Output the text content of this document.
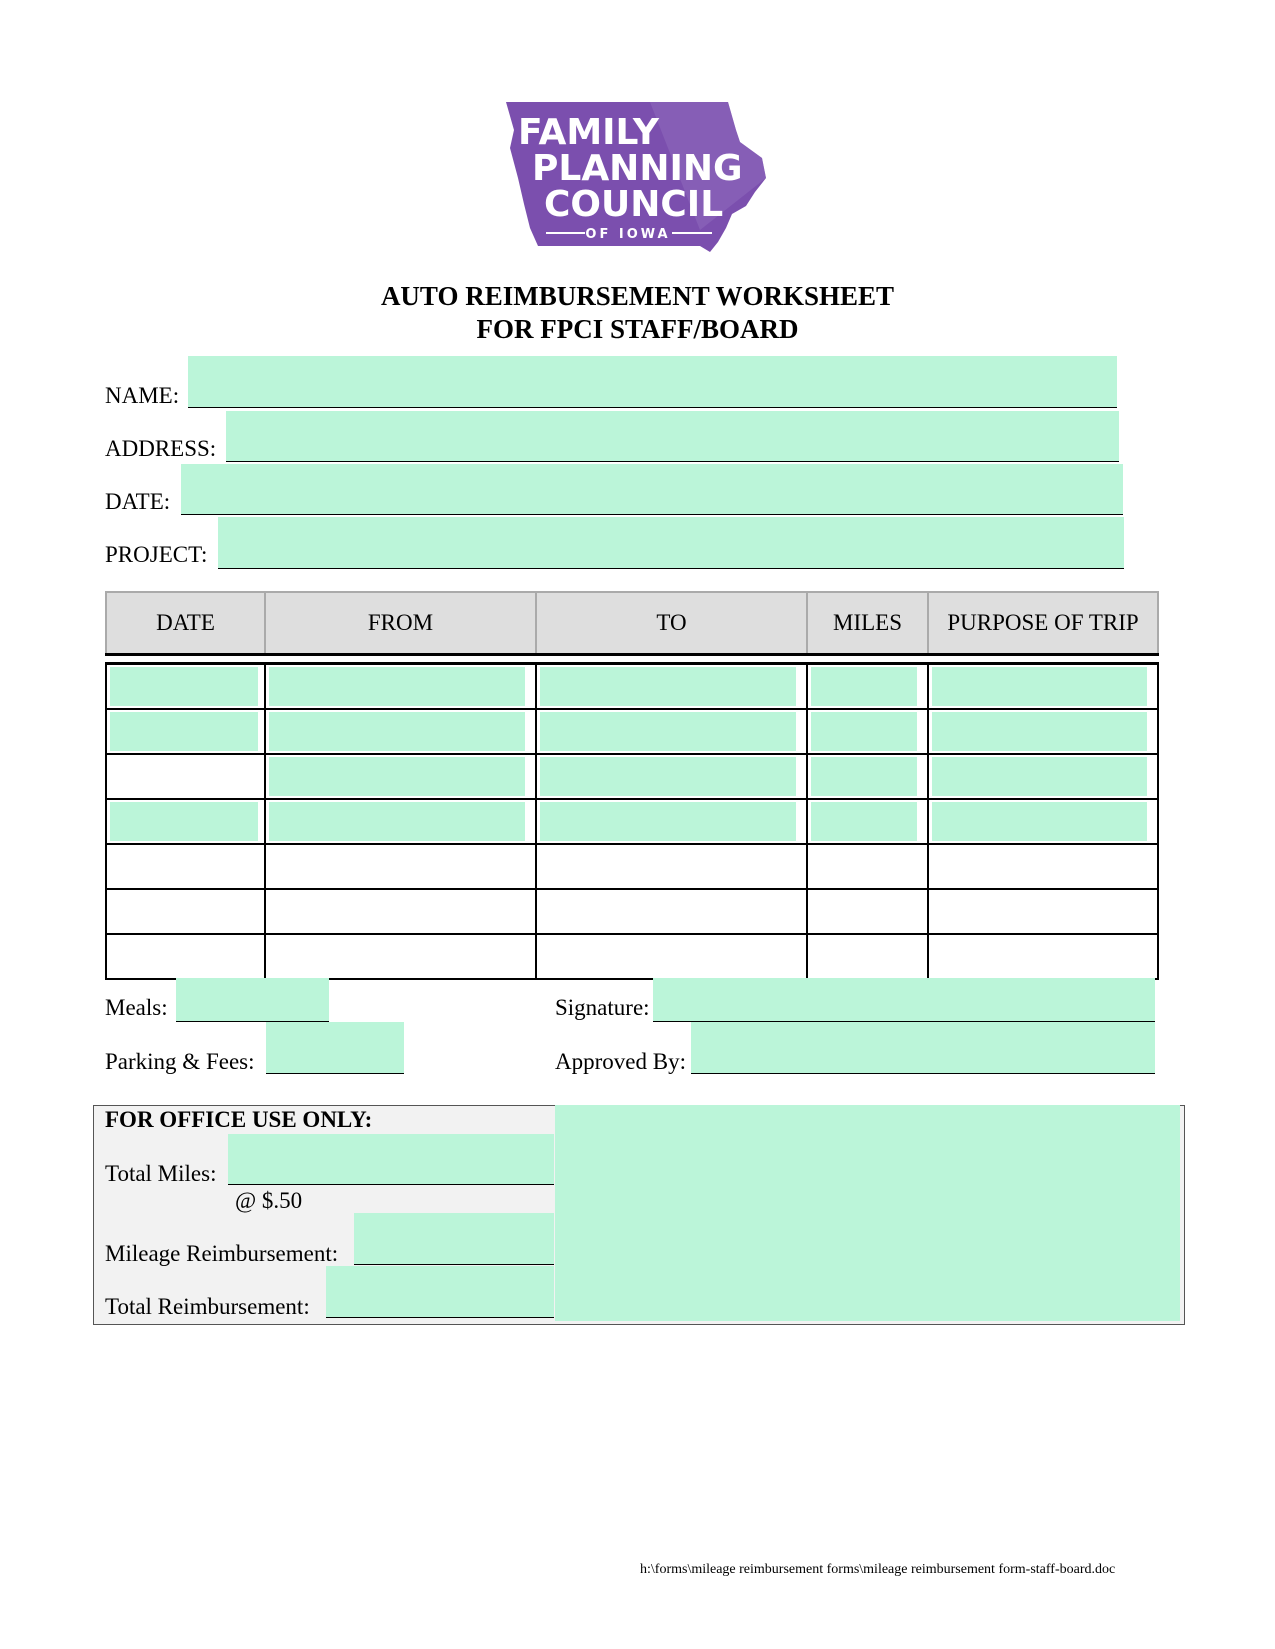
FAMILY
PLANNING
COUNCIL
OF IOWA
AUTO REIMBURSEMENT WORKSHEET
FOR FPCI STAFF/BOARD
NAME:
ADDRESS:
DATE:
PROJECT:
DATE	FROM	TO	MILES	PURPOSE OF TRIP

Meals:
Parking & Fees:
Signature:
Approved By:
FOR OFFICE USE ONLY:
Total Miles:
@ $.50
Mileage Reimbursement:
Total Reimbursement:
h:\forms\mileage reimbursement forms\mileage reimbursement form-staff-board.doc
